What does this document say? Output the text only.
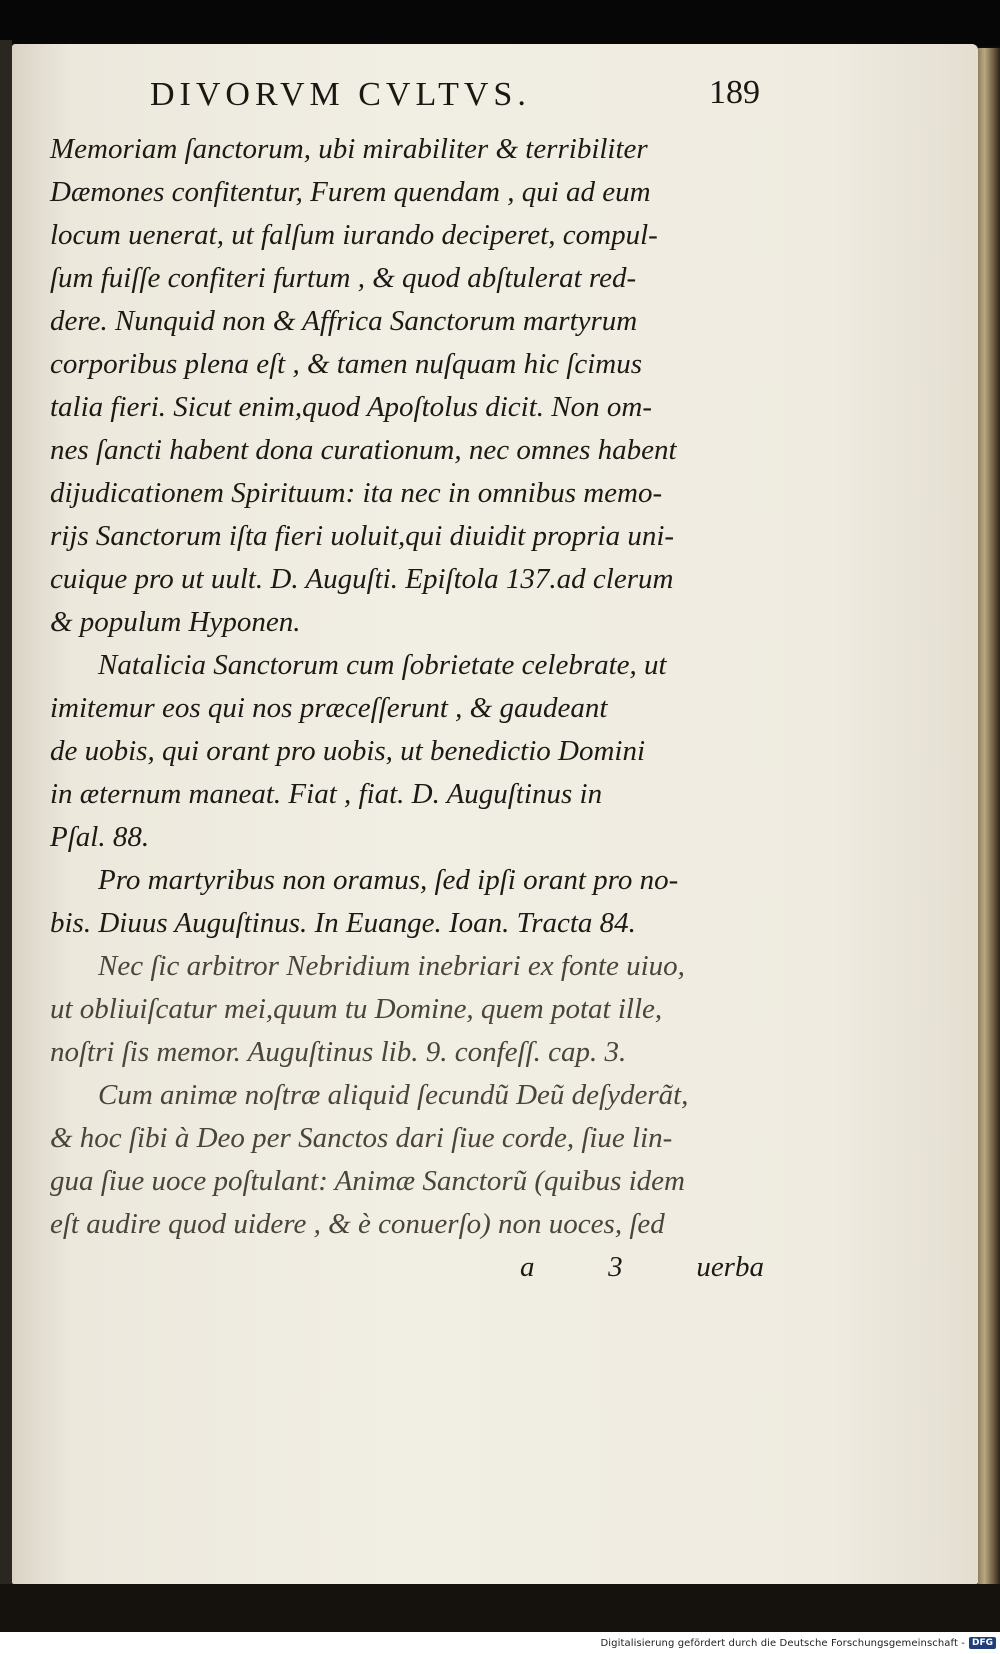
DIVORVM CVLTVS.	189
Memoriam ſanctorum, ubi mirabiliter & terribiliter
Dæmones confitentur, Furem quendam , qui ad eum
locum uenerat, ut falſum iurando deciperet, compul-
ſum fuiſſe confiteri furtum , & quod abſtulerat red-
dere. Nunquid non & Affrica Sanctorum martyrum
corporibus plena eſt , & tamen nuſquam hic ſcimus
talia fieri. Sicut enim,quod Apoſtolus dicit. Non om-
nes ſancti habent dona curationum, nec omnes habent
dijudicationem Spirituum: ita nec in omnibus memo-
rijs Sanctorum iſta fieri uoluit,qui diuidit propria uni-
cuique pro ut uult. D. Auguſti. Epiſtola 137.ad clerum
& populum Hyponen.
Natalicia Sanctorum cum ſobrietate celebrate, ut
imitemur eos qui nos præceſſerunt , & gaudeant
de uobis, qui orant pro uobis, ut benedictio Domini
in æternum maneat. Fiat , fiat. D. Auguſtinus in
Pſal. 88.
Pro martyribus non oramus, ſed ipſi orant pro no-
bis. Diuus Auguſtinus. In Euange. Ioan. Tracta 84.
Nec ſic arbitror Nebridium inebriari ex fonte uiuo,
ut obliuiſcatur mei,quum tu Domine, quem potat ille,
noſtri ſis memor. Auguſtinus lib. 9. confeſſ. cap. 3.
Cum animæ noſtræ aliquid ſecundũ Deũ deſyderãt,
& hoc ſibi à Deo per Sanctos dari ſiue corde, ſiue lin-
gua ſiue uoce poſtulant: Animæ Sanctorũ (quibus idem
eſt audire quod uidere , & è conuerſo) non uoces, ſed
a	3	uerba
Digitalisierung gefördert durch die Deutsche Forschungsgemeinschaft - DFG
